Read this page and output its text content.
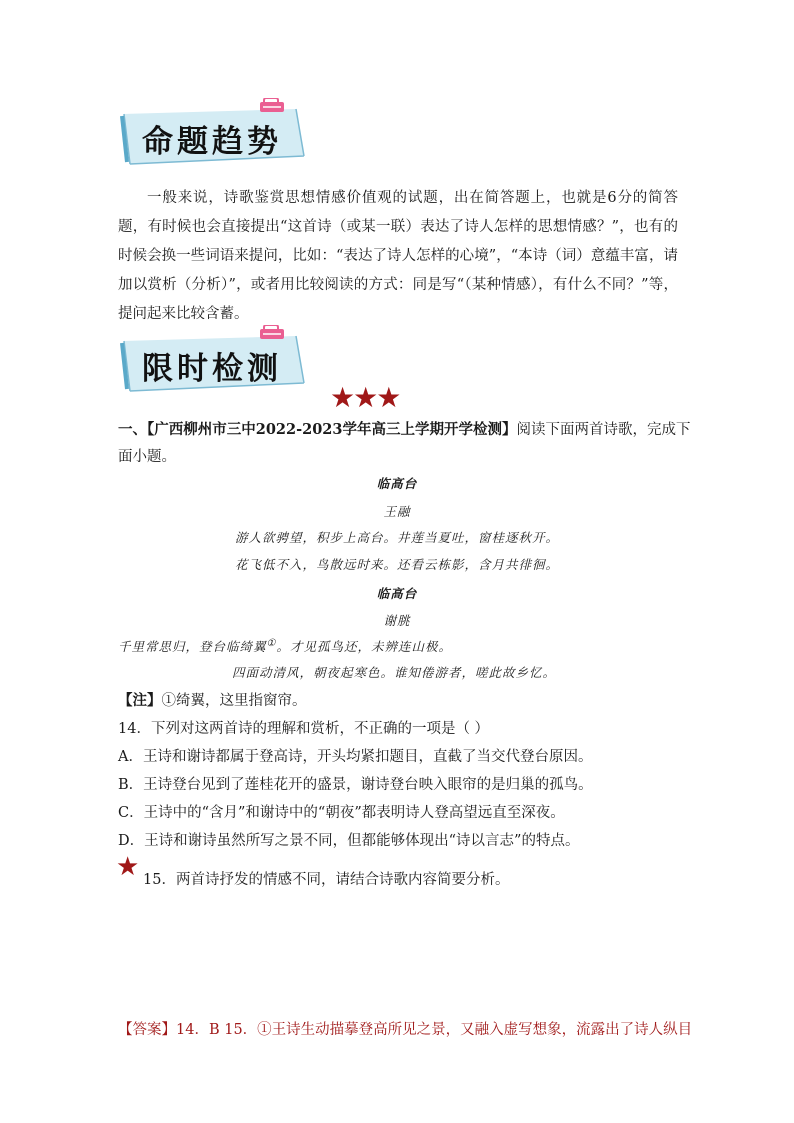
命题趋势
一般来说，诗歌鉴赏思想情感价值观的试题，出在简答题上，也就是6分的简答题，有时候也会直接提出“这首诗（或某一联）表达了诗人怎样的思想情感？”，也有的时候会换一些词语来提问，比如：“表达了诗人怎样的心境”，“本诗（词）意蕴丰富，请加以赏析（分析）”，或者用比较阅读的方式：同是写“（某种情感），有什么不同？”等，提问起来比较含蓄。
限时检测
★★★
一、【广西柳州市三中2022-2023学年高三上学期开学检测】阅读下面两首诗歌，完成下
面小题。
临高台
王融
游人欲骋望，积步上高台。井莲当夏吐，窗桂逐秋开。
花飞低不入，鸟散远时来。还看云栋影，含月共徘徊。
临高台
谢朓
千里常思归，登台临绮翼①。才见孤鸟还，未辨连山极。
四面动清风，朝夜起寒色。谁知倦游者，嗟此故乡忆。
【注】①绮翼，这里指窗帘。
14．下列对这两首诗的理解和赏析，不正确的一项是（ ）
A．王诗和谢诗都属于登高诗，开头均紧扣题目，直截了当交代登台原因。
B．王诗登台见到了莲桂花开的盛景，谢诗登台映入眼帘的是归巢的孤鸟。
C．王诗中的“含月”和谢诗中的“朝夜”都表明诗人登高望远直至深夜。
D．王诗和谢诗虽然所写之景不同，但都能够体现出“诗以言志”的特点。
★ 15．两首诗抒发的情感不同，请结合诗歌内容简要分析。
【答案】14．B 15．①王诗生动描摹登高所见之景，又融入虚写想象，流露出了诗人纵目
